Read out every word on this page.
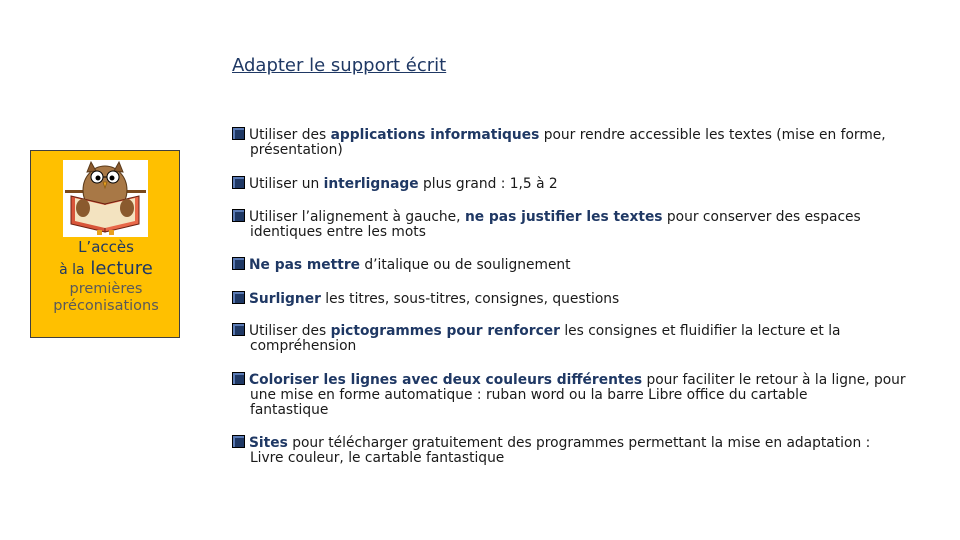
Adapter le support écrit
L’accès
à la lecture
premières
préconisations
Utiliser des applications informatiques pour rendre accessible les textes (mise en forme,
présentation)
Utiliser un interlignage plus grand : 1,5 à 2
Utiliser l’alignement à gauche, ne pas justifier les textes pour conserver des espaces
identiques entre les mots
Ne pas mettre d’italique ou de soulignement
Surligner les titres, sous-titres, consignes, questions
Utiliser des pictogrammes pour renforcer les consignes et fluidifier la lecture et la
compréhension
Coloriser les lignes avec deux couleurs différentes pour faciliter le retour à la ligne, pour
une mise en forme automatique : ruban word ou la barre Libre office du cartable
fantastique
Sites pour télécharger gratuitement des programmes permettant la mise en adaptation :
Livre couleur, le cartable fantastique
